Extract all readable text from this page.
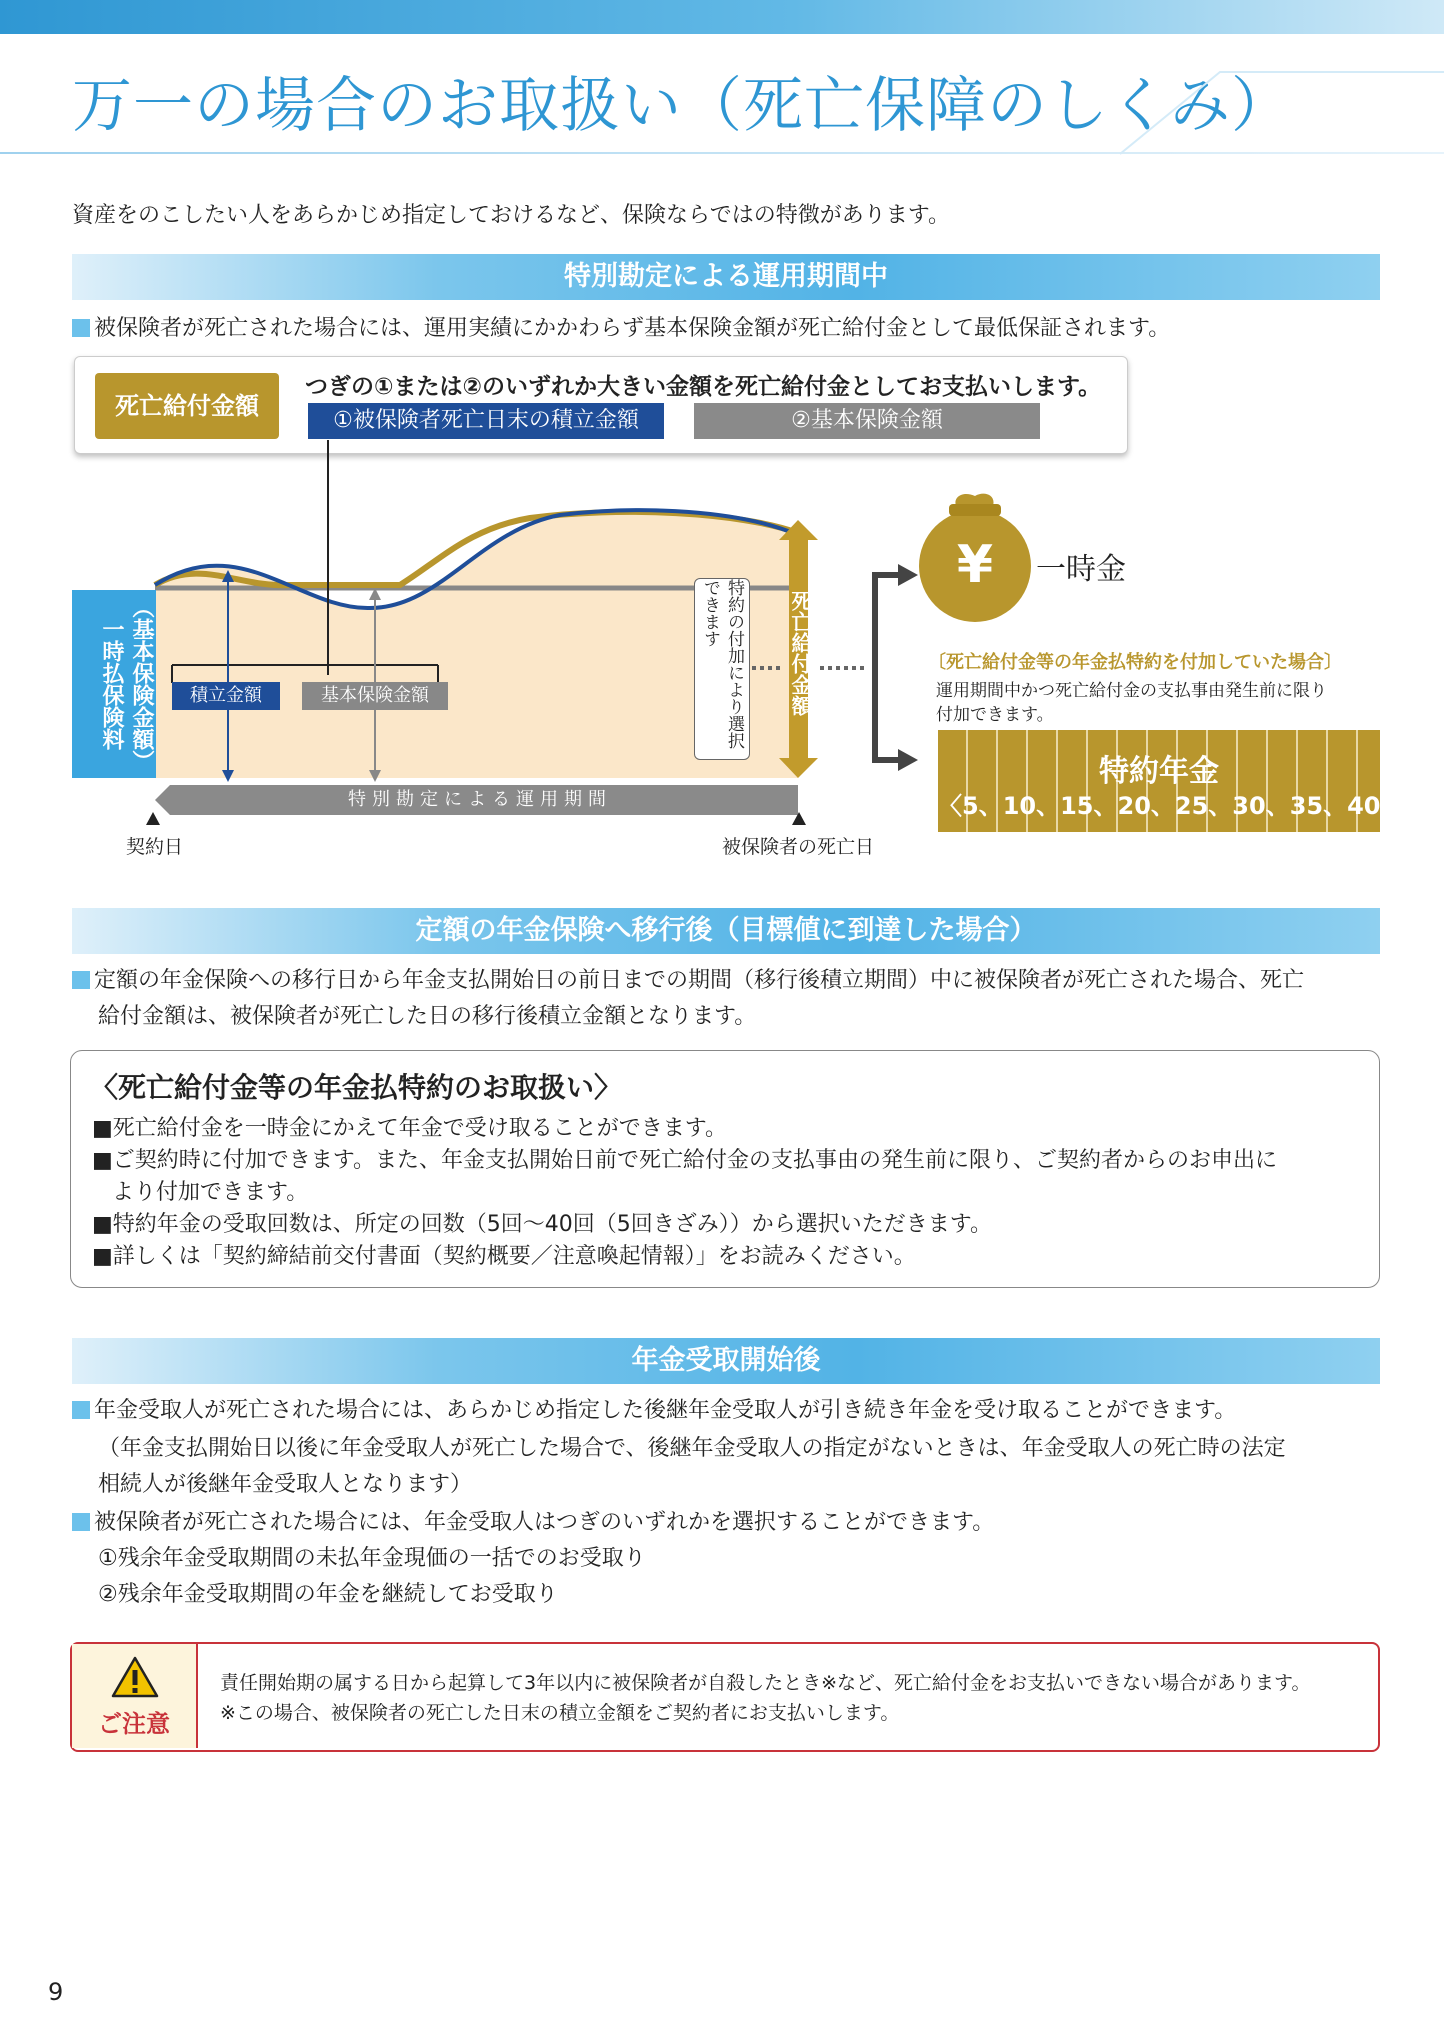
万一の場合のお取扱い（死亡保障のしくみ）
資産をのこしたい人をあらかじめ指定しておけるなど、保険ならではの特徴があります。
特別勘定による運用期間中
被保険者が死亡された場合には、運用実績にかかわらず基本保険金額が死亡給付金として最低保証されます。
死亡給付金額
つぎの①または②のいずれか大きい金額を死亡給付金としてお支払いします。
①被保険者死亡日末の積立金額	②基本保険金額
（基本保険金額）一時払保険料	積立金額	基本保険金額	特約の付加により選択できます	死亡給付金額
特別勘定による運用期間
契約日	被保険者の死亡日
¥	一時金
〔死亡給付金等の年金払特約を付加していた場合〕
運用期間中かつ死亡給付金の支払事由発生前に限り
付加できます。
特約年金
〈5、10、15、20、25、30、35、40回〉
定額の年金保険へ移行後（目標値に到達した場合）
定額の年金保険への移行日から年金支払開始日の前日までの期間（移行後積立期間）中に被保険者が死亡された場合、死亡
給付金額は、被保険者が死亡した日の移行後積立金額となります。
〈死亡給付金等の年金払特約のお取扱い〉
■死亡給付金を一時金にかえて年金で受け取ることができます。
■ご契約時に付加できます。また、年金支払開始日前で死亡給付金の支払事由の発生前に限り、ご契約者からのお申出に
より付加できます。
■特約年金の受取回数は、所定の回数（5回～40回（5回きざみ））から選択いただきます。
■詳しくは「契約締結前交付書面（契約概要／注意喚起情報）」をお読みください。
年金受取開始後
年金受取人が死亡された場合には、あらかじめ指定した後継年金受取人が引き続き年金を受け取ることができます。
（年金支払開始日以後に年金受取人が死亡した場合で、後継年金受取人の指定がないときは、年金受取人の死亡時の法定
相続人が後継年金受取人となります）
被保険者が死亡された場合には、年金受取人はつぎのいずれかを選択することができます。
①残余年金受取期間の未払年金現価の一括でのお受取り
②残余年金受取期間の年金を継続してお受取り
ご注意
責任開始期の属する日から起算して3年以内に被保険者が自殺したとき※など、死亡給付金をお支払いできない場合があります。
※この場合、被保険者の死亡した日末の積立金額をご契約者にお支払いします。
9
